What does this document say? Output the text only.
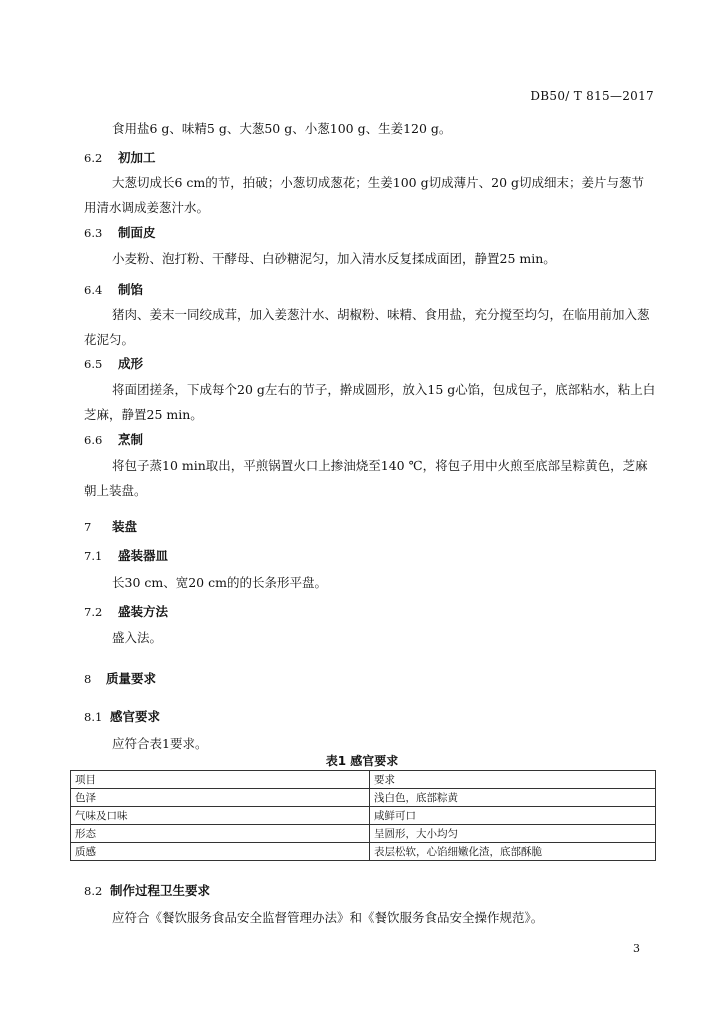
DB50/ T 815—2017

食用盐6 g、味精5 g、大葱50 g、小葱100 g、生姜120 g。

6.2 初加工

大葱切成长6 cm的节，拍破；小葱切成葱花；生姜100 g切成薄片、20 g切成细末；姜片与葱节用清水调成姜葱汁水。

6.3 制面皮

小麦粉、泡打粉、干酵母、白砂糖泥匀，加入清水反复揉成面团，静置25 min。

6.4 制馅

猪肉、姜末一同绞成茸，加入姜葱汁水、胡椒粉、味精、食用盐，充分搅至均匀，在临用前加入葱花泥匀。

6.5 成形

将面团搓条，下成每个20 g左右的节子，擀成圆形，放入15 g心馅，包成包子，底部粘水，粘上白芝麻，静置25 min。

6.6 烹制

将包子蒸10 min取出，平煎锅置火口上掺油烧至140 ℃，将包子用中火煎至底部呈粽黄色，芝麻朝上装盘。

7 装盘
7.1 盛装器皿

长30 cm、宽20 cm的的长条形平盘。

7.2 盛装方法

盛入法。

8 质量要求
8.1 感官要求

应符合表1要求。

表1 感官要求
项目	要求
色泽	浅白色，底部粽黄
气味及口味	咸鲜可口
形态	呈圆形，大小均匀
质感	表层松软，心馅细嫩化渣，底部酥脆
8.2 制作过程卫生要求

应符合《餐饮服务食品安全监督管理办法》和《餐饮服务食品安全操作规范》。

3
